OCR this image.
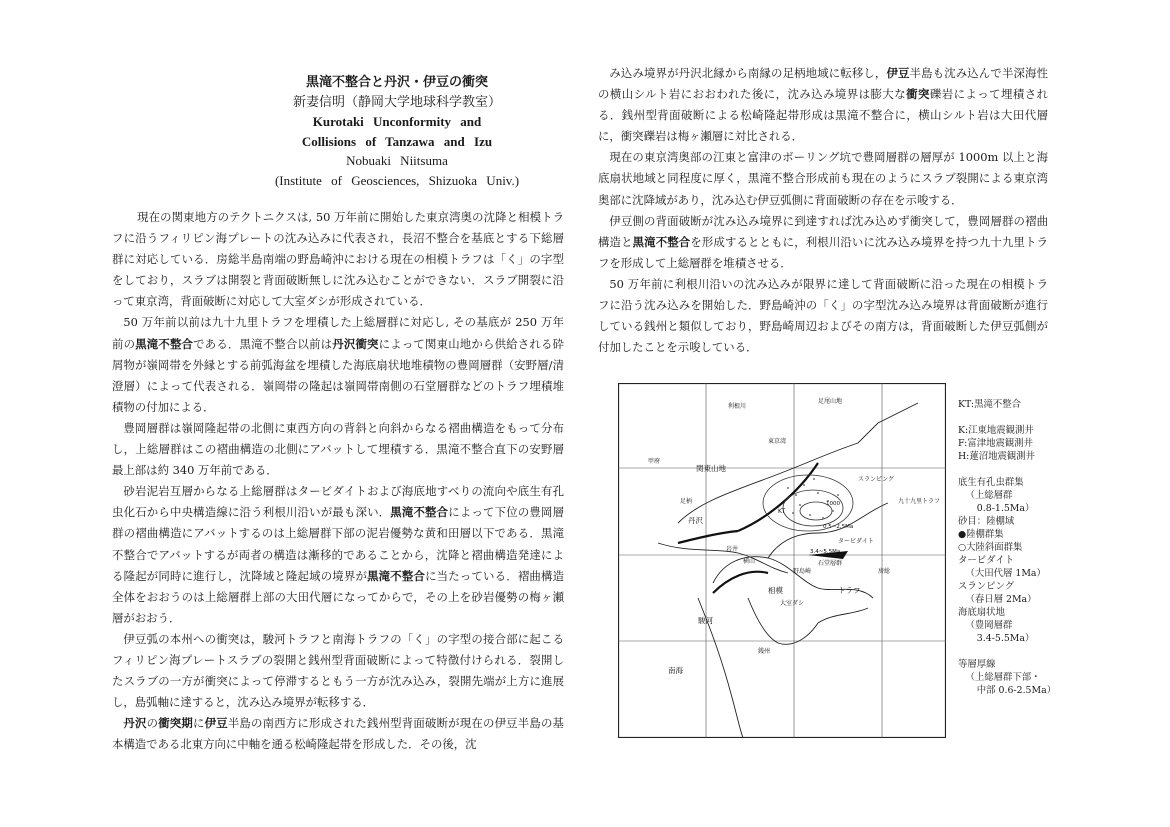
黒滝不整合と丹沢・伊豆の衝突
新妻信明（静岡大学地球科学教室）
Kurotaki Unconformity and
Collisions of Tanzawa and Izu
Nobuaki Niitsuma
(Institute of Geosciences, Shizuoka Univ.)

現在の関東地方のテクトニクスは, 50 万年前に開始した東京湾奥の沈降と相模トラフに沿うフィリピン海プレートの沈み込みに代表され，長沼不整合を基底とする下総層群に対応している．房総半島南端の野島崎沖における現在の相模トラフは「く」の字型をしており，スラブは開裂と背面破断無しに沈み込むことができない．スラブ開裂に沿って東京湾，背面破断に対応して大室ダシが形成されている．

50 万年前以前は九十九里トラフを埋積した上総層群に対応し, その基底が 250 万年前の黒滝不整合である．黒滝不整合以前は丹沢衝突によって関東山地から供給される砕屑物が嶺岡帯を外縁とする前弧海盆を埋積した海底扇状地堆積物の豊岡層群（安野層/清澄層）によって代表される．嶺岡帯の隆起は嶺岡帯南側の石堂層群などのトラフ埋積堆積物の付加による．

豊岡層群は嶺岡隆起帯の北側に東西方向の背斜と向斜からなる褶曲構造をもって分布し，上総層群はこの褶曲構造の北側にアバットして埋積する．黒滝不整合直下の安野層最上部は約 340 万年前である．

砂岩泥岩互層からなる上総層群はタービダイトおよび海底地すべりの流向や底生有孔虫化石から中央構造線に沿う利根川沿いが最も深い．黒滝不整合によって下位の豊岡層群の褶曲構造にアバットするのは上総層群下部の泥岩優勢な黄和田層以下である．黒滝不整合でアバットするが両者の構造は漸移的であることから，沈降と褶曲構造発達による隆起が同時に進行し，沈降域と隆起域の境界が黒滝不整合に当たっている．褶曲構造全体をおおうのは上総層群上部の大田代層になってからで，その上を砂岩優勢の梅ヶ瀬層がおおう．

伊豆弧の本州への衝突は，駿河トラフと南海トラフの「く」の字型の接合部に起こるフィリピン海プレートスラブの裂開と銭州型背面破断によって特徴付けられる．裂開したスラブの一方が衝突によって停滞するともう一方が沈み込み，裂開先端が上方に進展し，島弧軸に達すると，沈み込み境界が転移する．

丹沢の衝突期に伊豆半島の南西方に形成された銭州型背面破断が現在の伊豆半島の基本構造である北東方向に中軸を通る松崎隆起帯を形成した．その後，沈

み込み境界が丹沢北縁から南縁の足柄地域に転移し，伊豆半島も沈み込んで半深海性の横山シルト岩におおわれた後に，沈み込み境界は膨大な衝突礫岩によって埋積される．銭州型背面破断による松崎隆起帯形成は黒滝不整合に，横山シルト岩は大田代層に，衝突礫岩は梅ヶ瀬層に対比される．

現在の東京湾奥部の江東と富津のボーリング坑で豊岡層群の層厚が 1000m 以上と海底扇状地域と同程度に厚く，黒滝不整合形成前も現在のようにスラブ裂開による東京湾奥部に沈降域があり，沈み込む伊豆弧側に背面破断の存在を示唆する．

伊豆側の背面破断が沈み込み境界に到達すれば沈み込めず衝突して，豊岡層群の褶曲構造と黒滝不整合を形成するとともに，利根川沿いに沈み込み境界を持つ九十九里トラフを形成して上総層群を堆積させる．

50 万年前に利根川沿いの沈み込みが限界に達して背面破断に沿った現在の相模トラフに沿う沈み込みを開始した．野島崎沖の「く」の字型沈み込み境界は背面破断が進行している銭州と類似しており，野島崎周辺およびその南方は，背面破断した伊豆弧側が付加したことを示唆している．

関東山地
丹沢
駿河
相模
南海
トラフ
九十九里トラフ
スランピング
タービダイト
石堂層群
野島崎
大室ダシ
銭州
岩井
横山
東京湾
KT
足柄
0.5~2.5Ma
3.4~5.5Ma
利根川
甲府
足尾山地
房総
1000
KT:黒滝不整合
K:江東地震観測井
F:富津地震観測井
H:蓮沼地震観測井
底生有孔虫群集
（上総層群
0.8-1.5Ma）
砂目：陸棚域
●陸棚群集
○大陸斜面群集
タービダイト
（大田代層 1Ma）
スランピング
（春日層 2Ma）
海底扇状地
（豊岡層群
3.4-5.5Ma）
等層厚線
（上総層群下部・
中部 0.6-2.5Ma）
